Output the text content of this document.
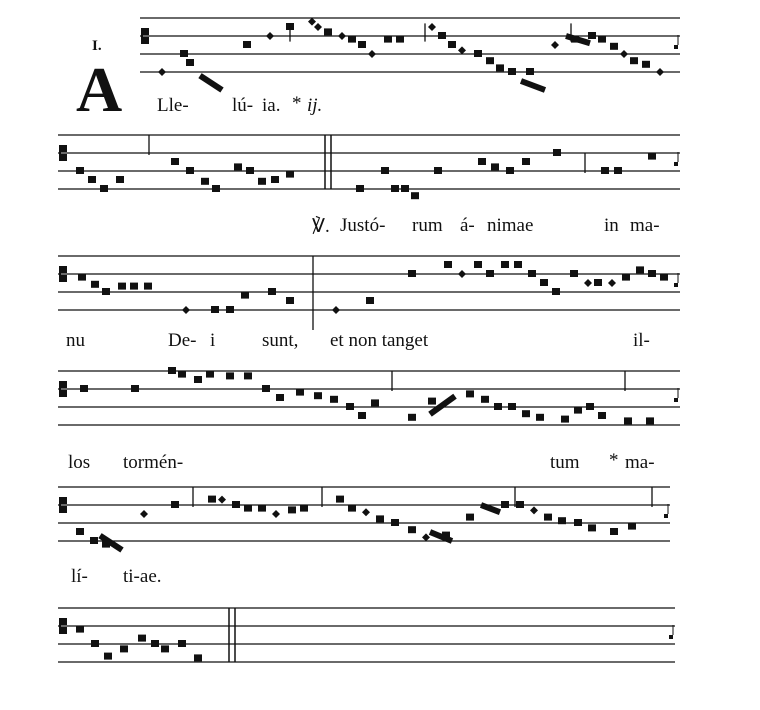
I.
A Lle- lú- ia. * ij.
℣. Justó- rum á- nimae	in ma-
nu	De- i sunt, et non tanget	il-
los tormén-	tum * ma-
lí- ti-ae.
